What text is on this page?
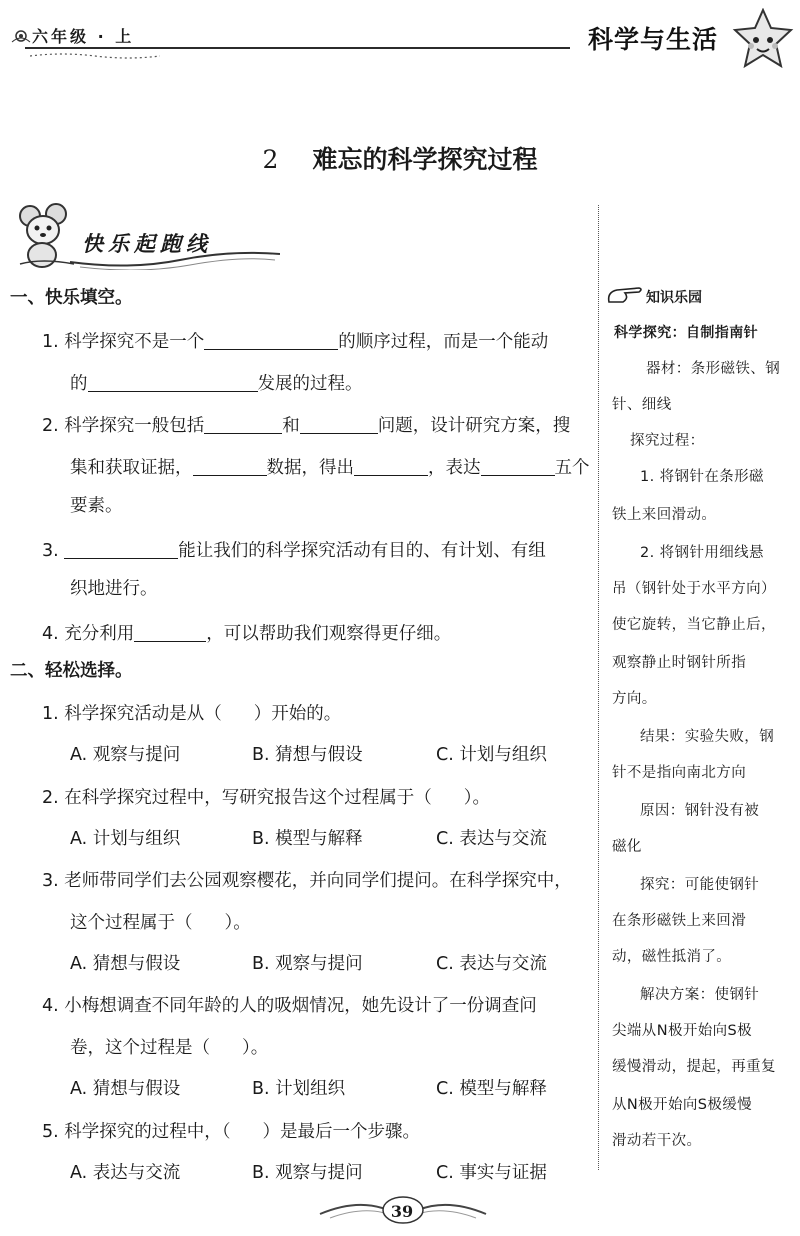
六年级 · 上	科学与生活
2 难忘的科学探究过程
快乐起跑线
一、快乐填空。
1. 科学探究不是一个	的顺序过程，而是一个能动
的	发展的过程。
2. 科学探究一般包括	和	问题，设计研究方案，搜
集和获取证据，	数据，得出	，表达	五个
要素。
3.	能让我们的科学探究活动有目的、有计划、有组
织地进行。
4. 充分利用	，可以帮助我们观察得更仔细。
二、轻松选择。
1. 科学探究活动是从（ ）开始的。
A. 观察与提问	B. 猜想与假设	C. 计划与组织
2. 在科学探究过程中，写研究报告这个过程属于（ ）。
A. 计划与组织	B. 模型与解释	C. 表达与交流
3. 老师带同学们去公园观察樱花，并向同学们提问。在科学探究中，
这个过程属于（ ）。
A. 猜想与假设	B. 观察与提问	C. 表达与交流
4. 小梅想调查不同年龄的人的吸烟情况，她先设计了一份调查问
卷，这个过程是（ ）。
A. 猜想与假设	B. 计划组织	C. 模型与解释
5. 科学探究的过程中，（ ）是最后一个步骤。
A. 表达与交流	B. 观察与提问	C. 事实与证据
知识乐园
科学探究：自制指南针
器材：条形磁铁、钢
针、细线
探究过程：
1. 将钢针在条形磁
铁上来回滑动。
2. 将钢针用细线悬
吊（钢针处于水平方向）
使它旋转，当它静止后，
观察静止时钢针所指
方向。
结果：实验失败，钢
针不是指向南北方向
原因：钢针没有被
磁化
探究：可能使钢针
在条形磁铁上来回滑
动，磁性抵消了。
解决方案：使钢针
尖端从N极开始向S极
缓慢滑动，提起，再重复
从N极开始向S极缓慢
滑动若干次。
39
